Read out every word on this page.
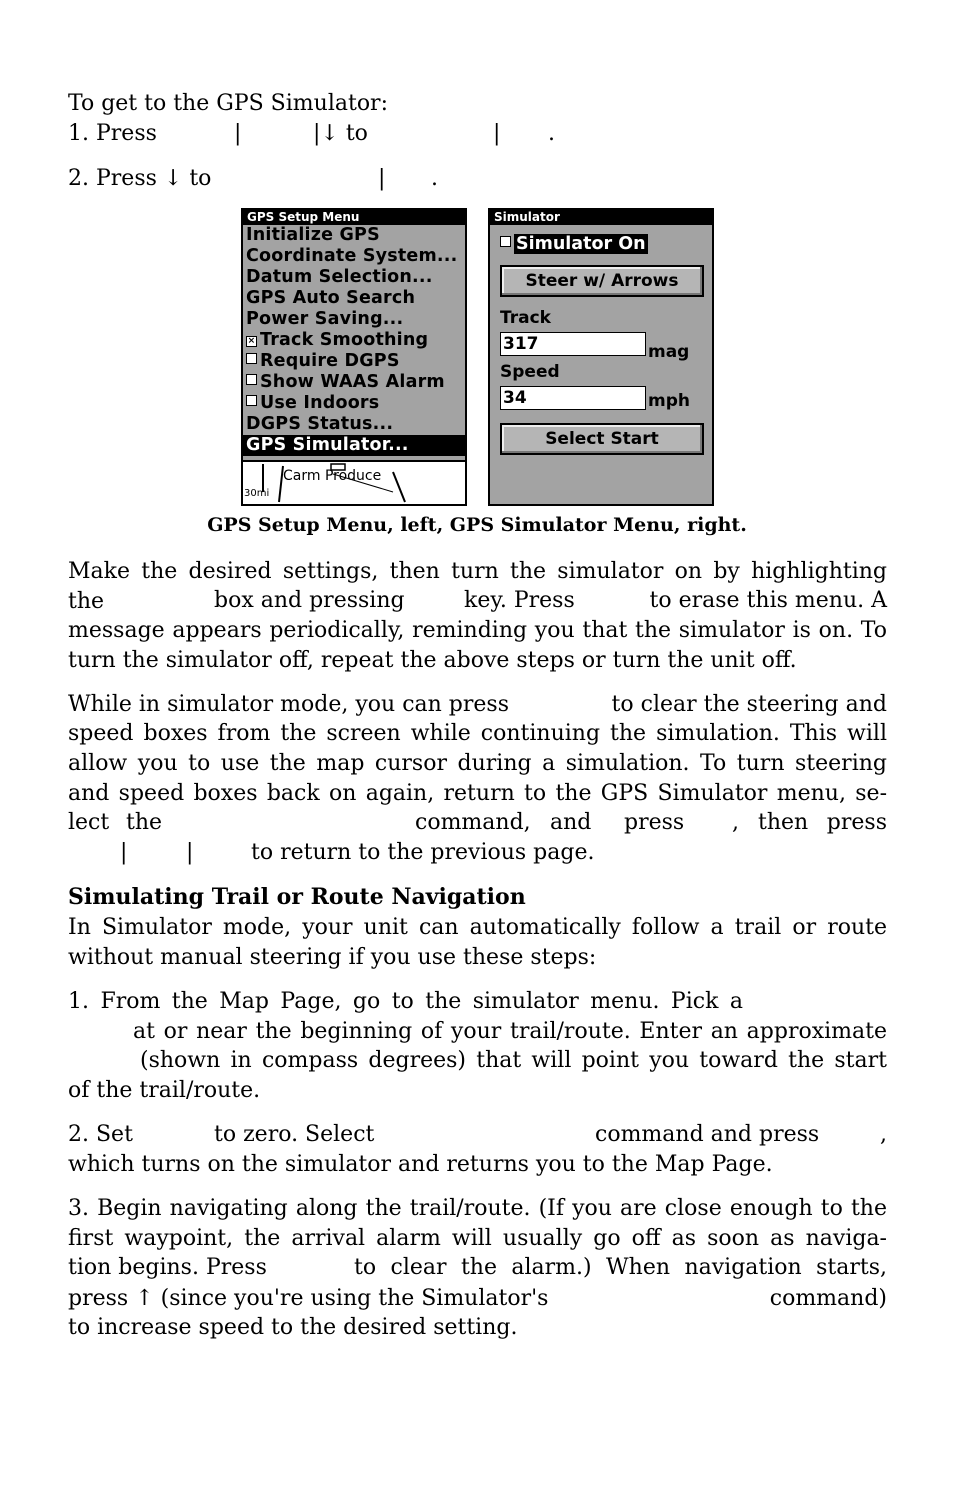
To get to the GPS Simulator:

1. Press	|	|↓ to	| .
2. Press ↓ to	| .
GPS Setup Menu
Initialize GPS
Coordinate System...
Datum Selection...
GPS Auto Search
Power Saving...
× Track Smoothing
Require DGPS
Show WAAS Alarm
Use Indoors
DGPS Status...
GPS Simulator...
Carm Produce
30mi
Simulator
Simulator On
Steer w/ Arrows
Track
317	mag
Speed
34	mph
Select Start
GPS Setup Menu, left, GPS Simulator Menu, right.

Make the desired settings, then turn the simulator on by highlighting the	box and pressing	key. Press	to erase this menu. A

message appears periodically, reminding you that the simulator is on. To

turn the simulator off, repeat the above steps or turn the unit off.

While in simulator mode, you can press	to clear the steering and

speed boxes from the screen while continuing the simulation. This will

allow you to use the map cursor during a simulation. To turn steering

and speed boxes back on again, return to the GPS Simulator menu, se-

lect the	command, and press , then press
|	|	to return to the previous page.

Simulating Trail or Route Navigation

In Simulator mode, your unit can automatically follow a trail or route

without manual steering if you use these steps:

1. From the Map Page, go to the simulator menu. Pick a
at or near the beginning of your trail/route. Enter an approximate
(shown in compass degrees) that will point you toward the start

of the trail/route.

2. Set	to zero. Select	command and press	,

which turns on the simulator and returns you to the Map Page.

3. Begin navigating along the trail/route. (If you are close enough to the

first waypoint, the arrival alarm will usually go off as soon as naviga-

tion begins. Press	to clear the alarm.) When navigation starts,
press ↑ (since you're using the Simulator's	command)

to increase speed to the desired setting.
